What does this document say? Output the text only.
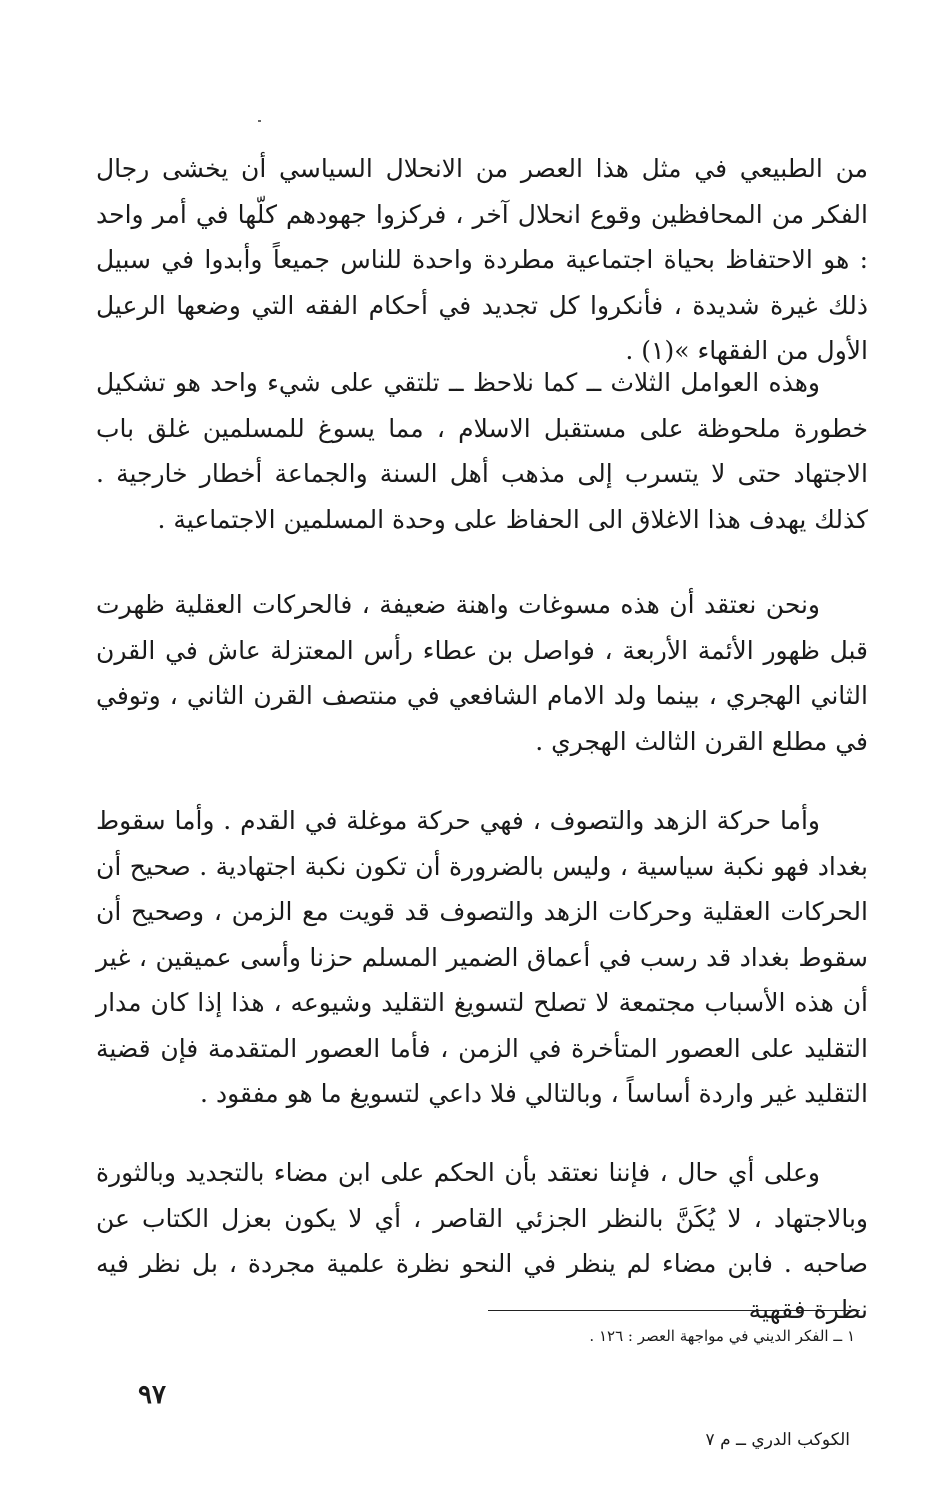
من الطبيعي في مثل هذا العصر من الانحلال السياسي أن يخشى رجال الفكر من المحافظين وقوع انحلال آخر ، فركزوا جهودهم كلّها في أمر واحد : هو الاحتفاظ بحياة اجتماعية مطردة واحدة للناس جميعاً وأبدوا في سبيل ذلك غيرة شديدة ، فأنكروا كل تجديد في أحكام الفقه التي وضعها الرعيل الأول من الفقهاء »(١) .

وهذه العوامل الثلاث ــ كما نلاحظ ــ تلتقي على شيء واحد هو تشكيل خطورة ملحوظة على مستقبل الاسلام ، مما يسوغ للمسلمين غلق باب الاجتهاد حتى لا يتسرب إلى مذهب أهل السنة والجماعة أخطار خارجية . كذلك يهدف هذا الاغلاق الى الحفاظ على وحدة المسلمين الاجتماعية .

ونحن نعتقد أن هذه مسوغات واهنة ضعيفة ، فالحركات العقلية ظهرت قبل ظهور الأئمة الأربعة ، فواصل بن عطاء رأس المعتزلة عاش في القرن الثاني الهجري ، بينما ولد الامام الشافعي في منتصف القرن الثاني ، وتوفي في مطلع القرن الثالث الهجري .

وأما حركة الزهد والتصوف ، فهي حركة موغلة في القدم . وأما سقوط بغداد فهو نكبة سياسية ، وليس بالضرورة أن تكون نكبة اجتهادية . صحيح أن الحركات العقلية وحركات الزهد والتصوف قد قويت مع الزمن ، وصحيح أن سقوط بغداد قد رسب في أعماق الضمير المسلم حزنا وأسى عميقين ، غير أن هذه الأسباب مجتمعة لا تصلح لتسويغ التقليد وشيوعه ، هذا إذا كان مدار التقليد على العصور المتأخرة في الزمن ، فأما العصور المتقدمة فإن قضية التقليد غير واردة أساساً ، وبالتالي فلا داعي لتسويغ ما هو مفقود .

وعلى أي حال ، فإننا نعتقد بأن الحكم على ابن مضاء بالتجديد وبالثورة وبالاجتهاد ، لا يُكَنَّ بالنظر الجزئي القاصر ، أي لا يكون بعزل الكتاب عن صاحبه . فابن مضاء لم ينظر في النحو نظرة علمية مجردة ، بل نظر فيه نظرة فقهية

١ ــ الفكر الديني في مواجهة العصر : ١٢٦ .

٩٧

الكوكب الدري ــ م ٧
